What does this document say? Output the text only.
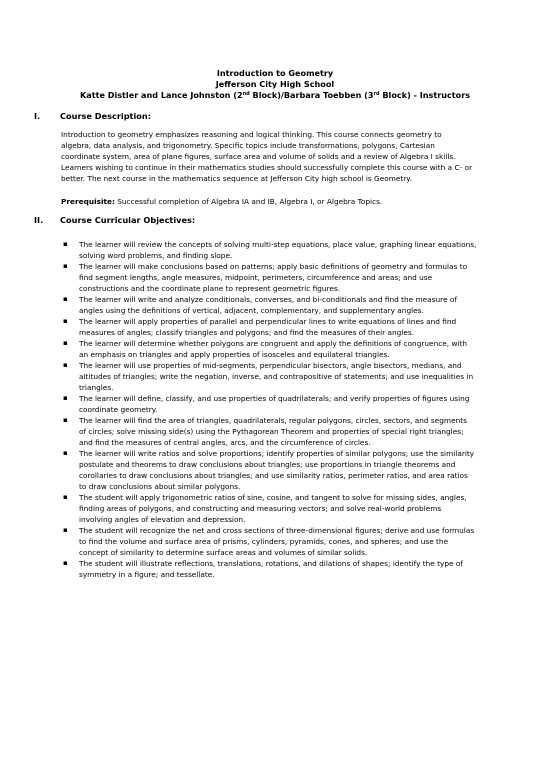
Introduction to Geometry
Jefferson City High School
Katte Distler and Lance Johnston (2nd Block)/Barbara Toebben (3rd Block) - Instructors
I. Course Description:
Introduction to geometry emphasizes reasoning and logical thinking. This course connects geometry to
algebra, data analysis, and trigonometry. Specific topics include transformations, polygons, Cartesian
coordinate system, area of plane figures, surface area and volume of solids and a review of Algebra I skills.
Learners wishing to continue in their mathematics studies should successfully complete this course with a C- or
better. The next course in the mathematics sequence at Jefferson City high school is Geometry.
Prerequisite: Successful completion of Algebra IA and IB, Algebra I, or Algebra Topics.
II. Course Curricular Objectives:
▪ The learner will review the concepts of solving multi-step equations, place value, graphing linear equations,
solving word problems, and finding slope.
▪ The learner will make conclusions based on patterns; apply basic definitions of geometry and formulas to
find segment lengths, angle measures, midpoint, perimeters, circumference and areas; and use
constructions and the coordinate plane to represent geometric figures.
▪ The learner will write and analyze conditionals, converses, and bi-conditionals and find the measure of
angles using the definitions of vertical, adjacent, complementary, and supplementary angles.
▪ The learner will apply properties of parallel and perpendicular lines to write equations of lines and find
measures of angles; classify triangles and polygons; and find the measures of their angles.
▪ The learner will determine whether polygons are congruent and apply the definitions of congruence, with
an emphasis on triangles and apply properties of isosceles and equilateral triangles.
▪ The learner will use properties of mid-segments, perpendicular bisectors, angle bisectors, medians, and
altitudes of triangles; write the negation, inverse, and contrapositive of statements; and use inequalities in
triangles.
▪ The learner will define, classify, and use properties of quadrilaterals; and verify properties of figures using
coordinate geometry.
▪ The learner will find the area of triangles, quadrilaterals, regular polygons, circles, sectors, and segments
of circles; solve missing side(s) using the Pythagorean Theorem and properties of special right triangles;
and find the measures of central angles, arcs, and the circumference of circles.
▪ The learner will write ratios and solve proportions; identify properties of similar polygons; use the similarity
postulate and theorems to draw conclusions about triangles; use proportions in triangle theorems and
corollaries to draw conclusions about triangles; and use similarity ratios, perimeter ratios, and area ratios
to draw conclusions about similar polygons.
▪ The student will apply trigonometric ratios of sine, cosine, and tangent to solve for missing sides, angles,
finding areas of polygons, and constructing and measuring vectors; and solve real-world problems
involving angles of elevation and depression.
▪ The student will recognize the net and cross sections of three-dimensional figures; derive and use formulas
to find the volume and surface area of prisms, cylinders, pyramids, cones, and spheres; and use the
concept of similarity to determine surface areas and volumes of similar solids.
▪ The student will illustrate reflections, translations, rotations, and dilations of shapes; identify the type of
symmetry in a figure; and tessellate.
